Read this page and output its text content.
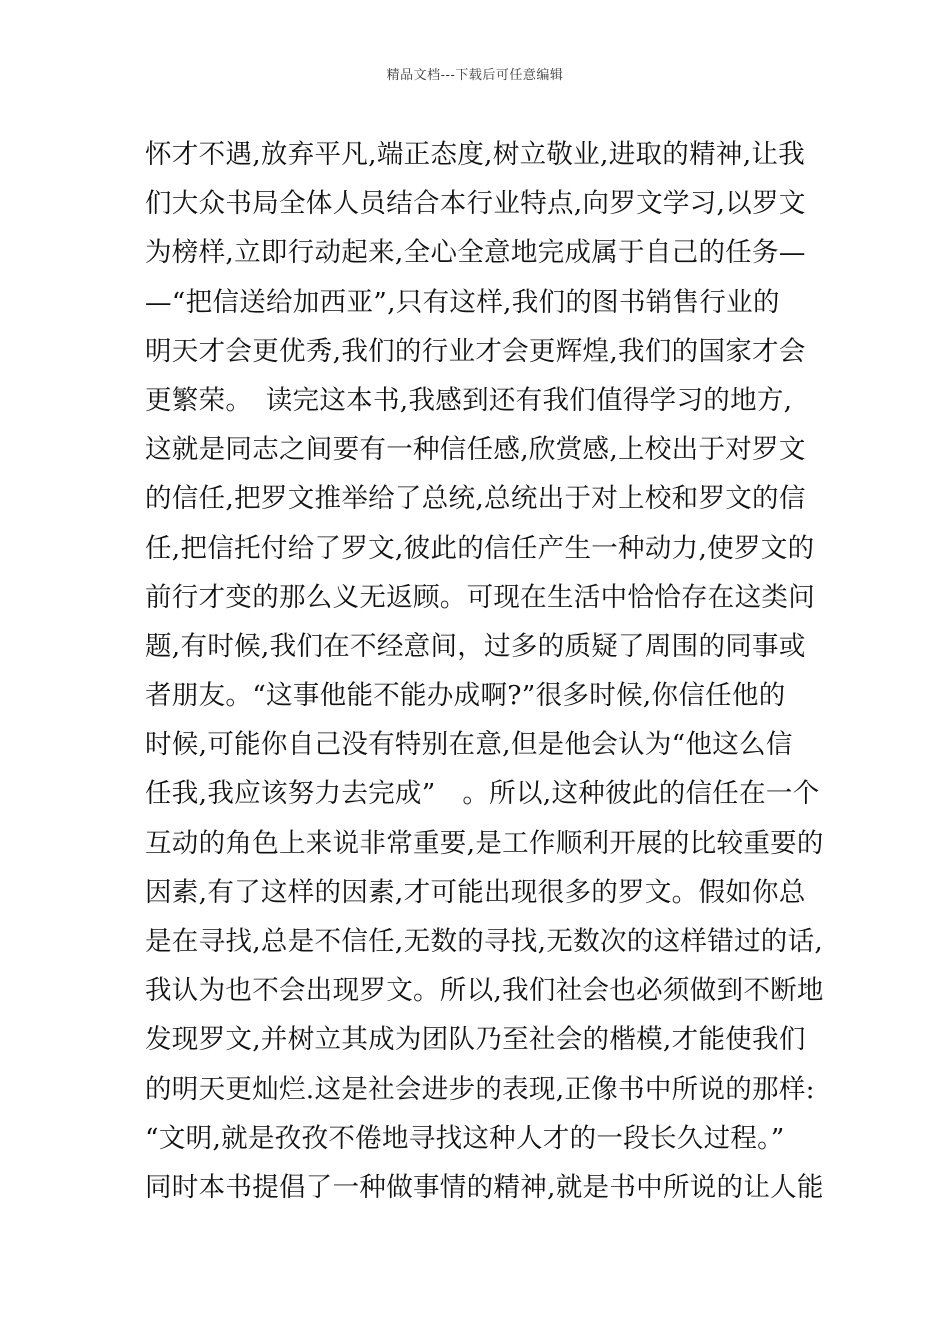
精品文档---下载后可任意编辑
怀才不遇,放弃平凡,端正态度,树立敬业,进取的精神,让我
们大众书局全体人员结合本行业特点,向罗文学习,以罗文
为榜样,立即行动起来,全心全意地完成属于自己的任务—
—“把信送给加西亚”,只有这样,我们的图书销售行业的
明天才会更优秀,我们的行业才会更辉煌,我们的国家才会
更繁荣。　读完这本书,我感到还有我们值得学习的地方,
这就是同志之间要有一种信任感,欣赏感,上校出于对罗文
的信任,把罗文推举给了总统,总统出于对上校和罗文的信
任,把信托付给了罗文,彼此的信任产生一种动力,使罗文的
前行才变的那么义无返顾。可现在生活中恰恰存在这类问
题,有时候,我们在不经意间，过多的质疑了周围的同事或
者朋友。“这事他能不能办成啊?”很多时候,你信任他的
时候,可能你自己没有特别在意,但是他会认为“他这么信
任我,我应该努力去完成”　。所以,这种彼此的信任在一个
互动的角色上来说非常重要,是工作顺利开展的比较重要的
因素,有了这样的因素,才可能出现很多的罗文。假如你总
是在寻找,总是不信任,无数的寻找,无数次的这样错过的话,
我认为也不会出现罗文。所以,我们社会也必须做到不断地
发现罗文,并树立其成为团队乃至社会的楷模,才能使我们
的明天更灿烂.这是社会进步的表现,正像书中所说的那样:
“文明,就是孜孜不倦地寻找这种人才的一段长久过程。”
同时本书提倡了一种做事情的精神,就是书中所说的让人能
